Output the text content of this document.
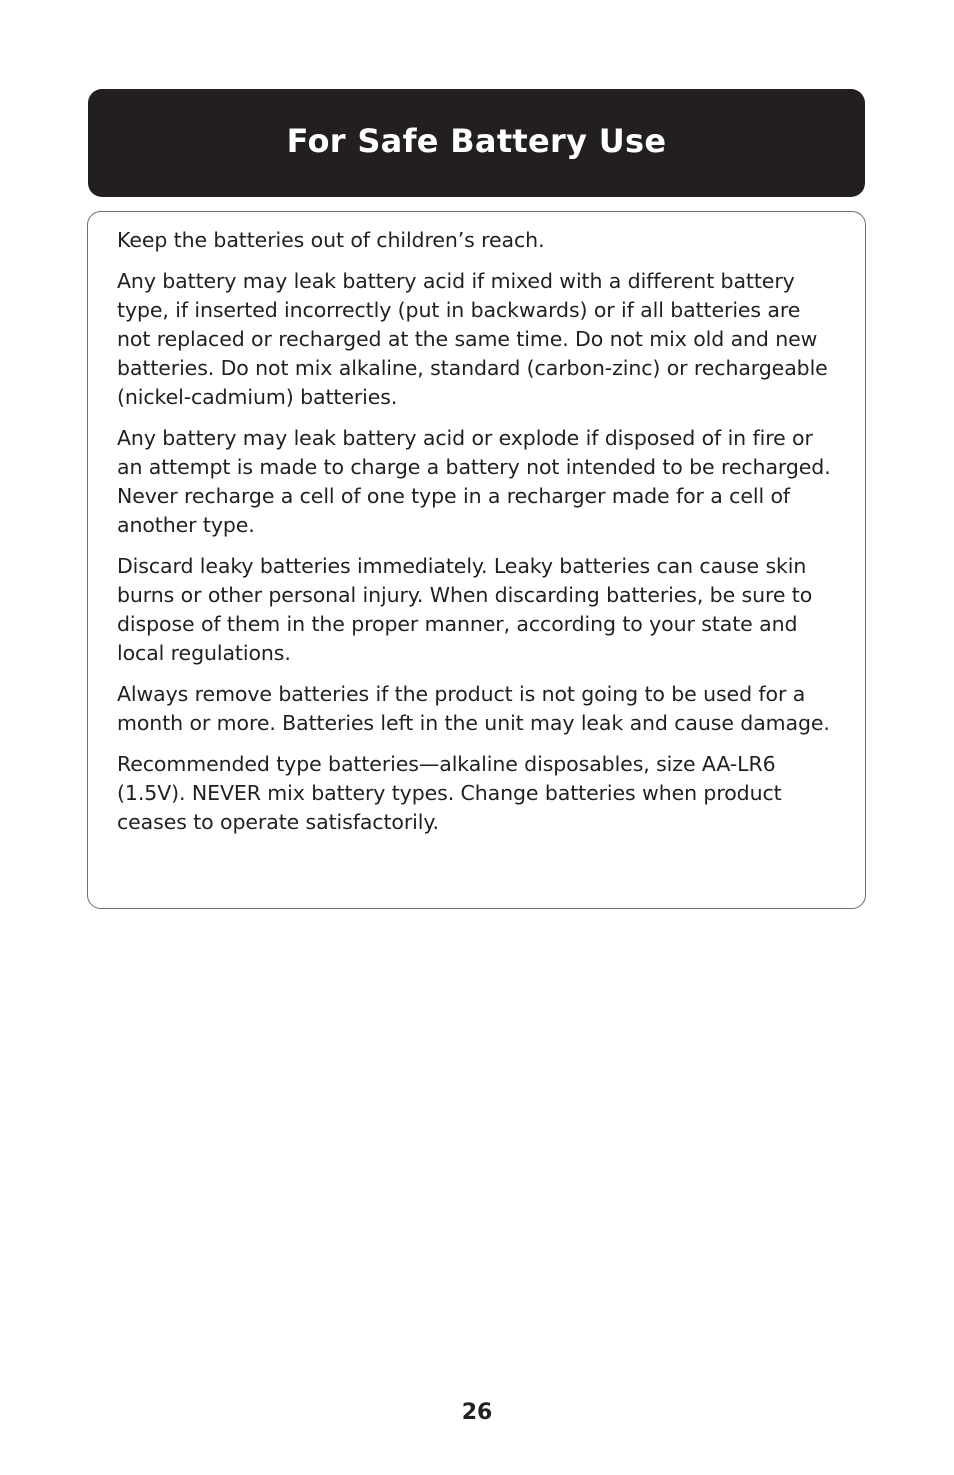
For Safe Battery Use

Keep the batteries out of children’s reach.

Any battery may leak battery acid if mixed with a different battery type, if inserted incorrectly (put in backwards) or if all batteries are not replaced or recharged at the same time. Do not mix old and new batteries. Do not mix alkaline, standard (carbon-zinc) or rechargeable (nickel-cadmium) batteries.

Any battery may leak battery acid or explode if disposed of in fire or an attempt is made to charge a battery not intended to be recharged. Never recharge a cell of one type in a recharger made for a cell of another type.

Discard leaky batteries immediately. Leaky batteries can cause skin burns or other personal injury. When discarding batteries, be sure to dispose of them in the proper manner, according to your state and local regulations.

Always remove batteries if the product is not going to be used for a month or more. Batteries left in the unit may leak and cause damage.

Recommended type batteries—alkaline disposables, size AA-LR6 (1.5V). NEVER mix battery types. Change batteries when product ceases to operate satisfactorily.

26
